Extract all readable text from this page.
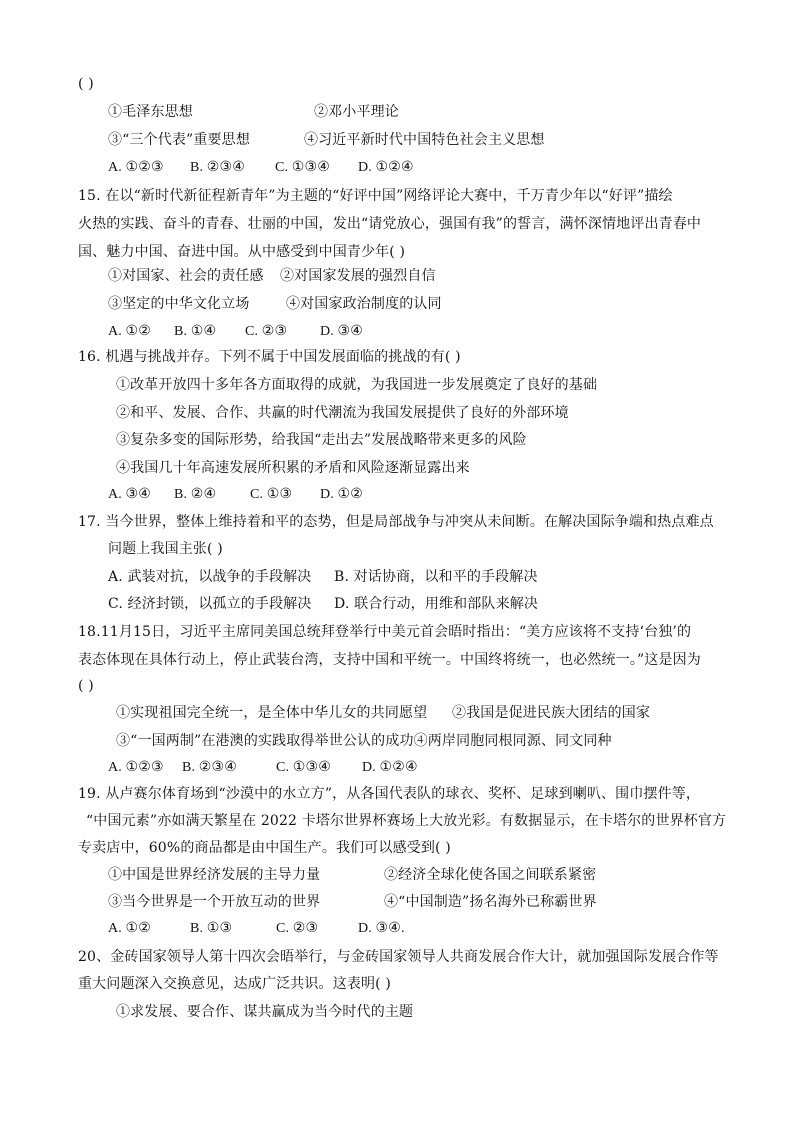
( )
①毛泽东思想	②邓小平理论
③“三个代表”重要思想	④习近平新时代中国特色社会主义思想
A. ①②③ B. ②③④ C. ①③④ D. ①②④
15. 在以“新时代新征程新青年”为主题的“好评中国”网络评论大赛中，千万青少年以“好评”描绘
火热的实践、奋斗的青春、壮丽的中国，发出“请党放心，强国有我”的誓言，满怀深情地评出青春中
国、魅力中国、奋进中国。从中感受到中国青少年( )
①对国家、社会的责任感 ②对国家发展的强烈自信
③坚定的中华文化立场	④对国家政治制度的认同
A. ①② B. ①④ C. ②③ D. ③④
16. 机遇与挑战并存。下列不属于中国发展面临的挑战的有( )
①改革开放四十多年各方面取得的成就，为我国进一步发展奠定了良好的基础
②和平、发展、合作、共赢的时代潮流为我国发展提供了良好的外部环境
③复杂多变的国际形势，给我国“走出去”发展战略带来更多的风险
④我国几十年高速发展所积累的矛盾和风险逐渐显露出来
A. ③④ B. ②④ C. ①③ D. ①②
17. 当今世界，整体上维持着和平的态势，但是局部战争与冲突从未间断。在解决国际争端和热点难点
问题上我国主张( )
A. 武装对抗，以战争的手段解决 B. 对话协商，以和平的手段解决
C. 经济封锁，以孤立的手段解决 D. 联合行动，用维和部队来解决
18.11月15日，习近平主席同美国总统拜登举行中美元首会晤时指出：“美方应该将不支持‘台独’的
表态体现在具体行动上，停止武装台湾，支持中国和平统一。中国终将统一，也必然统一。”这是因为
( )
①实现祖国完全统一，是全体中华儿女的共同愿望 ②我国是促进民族大团结的国家
③“一国两制”在港澳的实践取得举世公认的成功④两岸同胞同根同源、同文同种
A. ①②③ B. ②③④	C. ①③④ D. ①②④
19. 从卢赛尔体育场到“沙漠中的水立方”，从各国代表队的球衣、奖杯、足球到喇叭、围巾摆件等，
“中国元素”亦如满天繁星在 2022 卡塔尔世界杯赛场上大放光彩。有数据显示，在卡塔尔的世界杯官方
专卖店中，60%的商品都是由中国生产。我们可以感受到( )
①中国是世界经济发展的主导力量	②经济全球化使各国之间联系紧密
③当今世界是一个开放互动的世界	④“中国制造”扬名海外已称霸世界
A. ①②	B. ①③	C. ②③	D. ③④.
20、金砖国家领导人第十四次会晤举行，与金砖国家领导人共商发展合作大计，就加强国际发展合作等
重大问题深入交换意见，达成广泛共识。这表明( )
①求发展、要合作、谋共赢成为当今时代的主题
